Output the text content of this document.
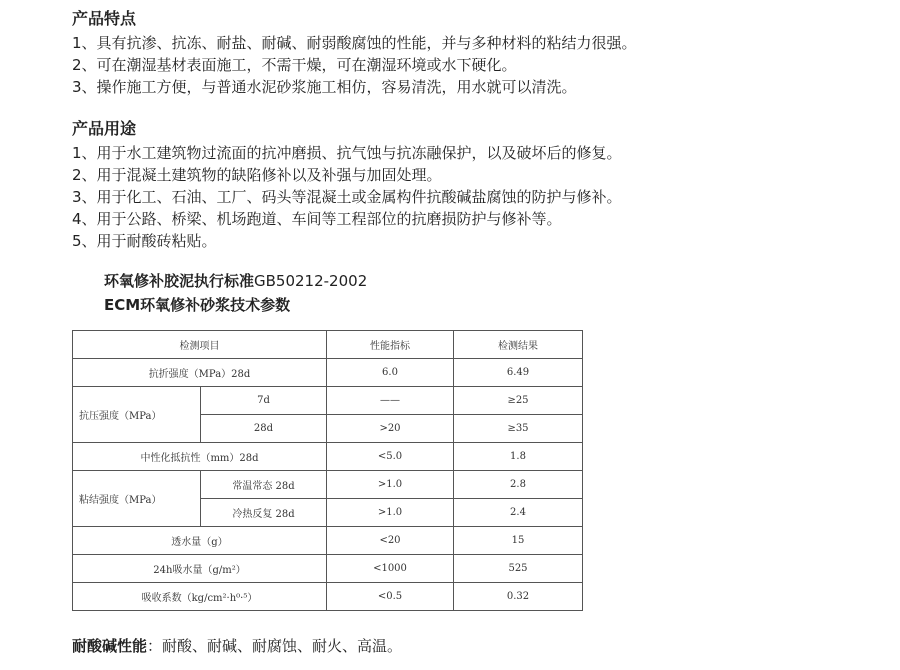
产品特点
1、具有抗渗、抗冻、耐盐、耐碱、耐弱酸腐蚀的性能，并与多种材料的粘结力很强。
2、可在潮湿基材表面施工，不需干燥，可在潮湿环境或水下硬化。
3、操作施工方便，与普通水泥砂浆施工相仿，容易清洗，用水就可以清洗。
产品用途
1、用于水工建筑物过流面的抗冲磨损、抗气蚀与抗冻融保护，以及破坏后的修复。
2、用于混凝土建筑物的缺陷修补以及补强与加固处理。
3、用于化工、石油、工厂、码头等混凝土或金属构件抗酸碱盐腐蚀的防护与修补。
4、用于公路、桥梁、机场跑道、车间等工程部位的抗磨损防护与修补等。
5、用于耐酸砖粘贴。
环氧修补胶泥执行标准GB50212-2002
ECM环氧修补砂浆技术参数
检测项目		性能指标	检测结果
抗折强度（MPa）28d		6.0	6.49
抗压强度（MPa）	7d	——	≥25
	28d	>20	≥35
中性化抵抗性（mm）28d		<5.0	1.8
粘结强度（MPa）	常温常态 28d	>1.0	2.8
	冷热反复 28d	>1.0	2.4
透水量（g）		<20	15
24h吸水量（g/m²）		<1000	525
吸收系数（kg/cm²·h⁰·⁵）		<0.5	0.32
耐酸碱性能：耐酸、耐碱、耐腐蚀、耐火、高温。
